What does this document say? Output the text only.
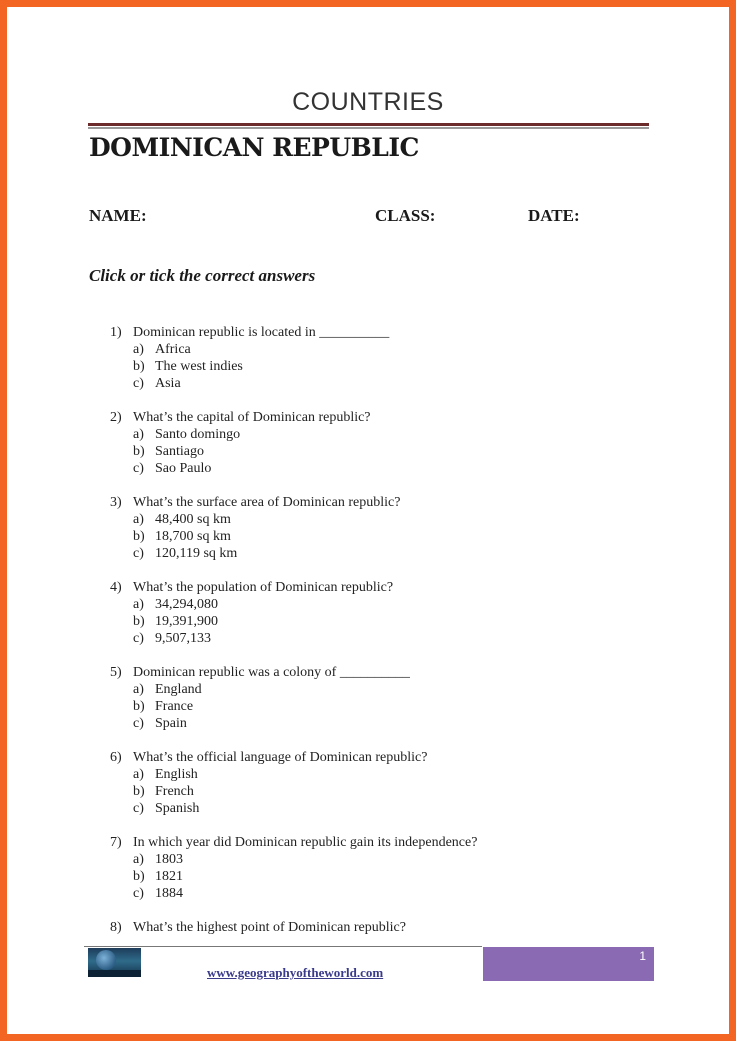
COUNTRIES
DOMINICAN REPUBLIC
NAME:	CLASS:	DATE:
Click or tick the correct answers
1) Dominican republic is located in __________
a) Africa
b) The west indies
c) Asia
2) What’s the capital of Dominican republic?
a) Santo domingo
b) Santiago
c) Sao Paulo
3) What’s the surface area of Dominican republic?
a) 48,400 sq km
b) 18,700 sq km
c) 120,119 sq km
4) What’s the population of Dominican republic?
a) 34,294,080
b) 19,391,900
c) 9,507,133
5) Dominican republic was a colony of __________
a) England
b) France
c) Spain
6) What’s the official language of Dominican republic?
a) English
b) French
c) Spanish
7) In which year did Dominican republic gain its independence?
a) 1803
b) 1821
c) 1884
8) What’s the highest point of Dominican republic?
www.geographyoftheworld.com
1
